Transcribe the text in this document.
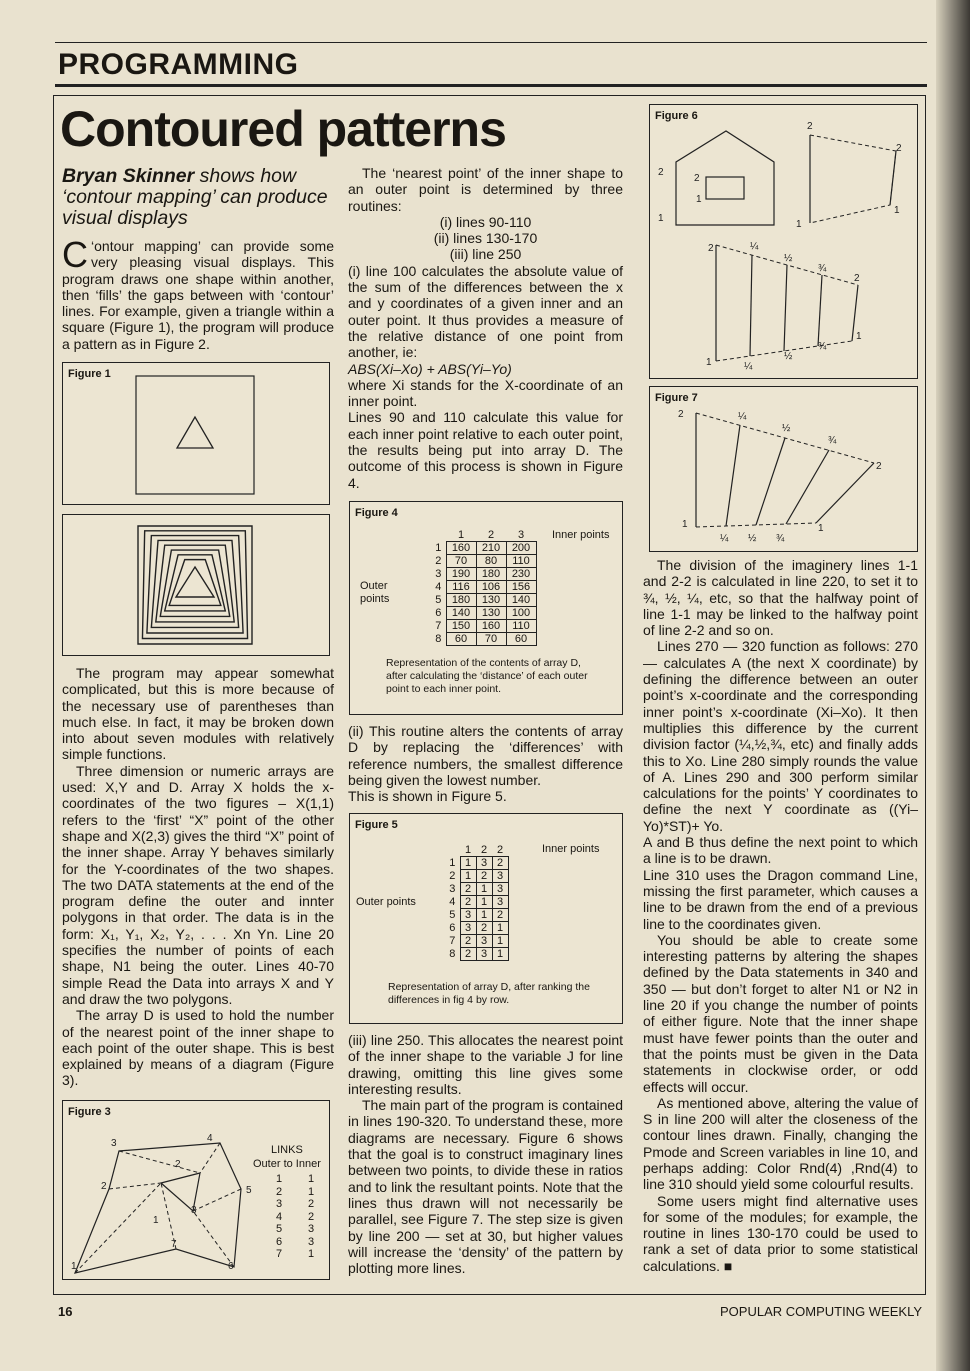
PROGRAMMING
Contoured patterns
Bryan Skinner shows how ‘contour mapping’ can produce visual displays

‘
C ontour mapping’ can provide some very pleasing visual displays. This program draws one shape within another, then ‘fills’ the gaps between with ‘contour’ lines. For example, given a triangle within a square (Figure 1), the program will produce a pattern as in Figure 2.

Figure 1

The program may appear somewhat complicated, but this is more because of the necessary use of parentheses than much else. In fact, it may be broken down into about seven modules with relatively simple functions.

Three dimension or numeric arrays are used: X,Y and D. Array X holds the x-coordinates of the two figures – X(1,1) refers to the ‘first’ “X” point of the other shape and X(2,3) gives the third “X” point of the inner shape. Array Y behaves similarly for the Y-coordinates of the two shapes. The two DATA statements at the end of the program define the outer and innter polygons in that order. The data is in the form: X₁, Y₁, X₂, Y₂, . . . Xn Yn. Line 20 specifies the number of points of each shape, N1 being the outer. Lines 40-70 simple Read the Data into arrays X and Y and draw the two polygons.

The array D is used to hold the number of the nearest point of the inner shape to each point of the outer shape. This is best explained by means of a diagram (Figure 3).

Figure 3
1
2
3	4
5
6
7
1
2
3
LINKS
Outer to Inner
1	1
2	1
3	2
4	2
5	3
6	3
7	1

The ‘nearest point’ of the inner shape to an outer point is determined by three routines:

(i) lines 90-110

(ii) lines 130-170

(iii) line 250

(i) line 100 calculates the absolute value of the sum of the differences between the x and y coordinates of a given inner and an outer point. It thus provides a measure of the relative distance of one point from another, ie:

ABS(Xi–Xo) + ABS(Yi–Yo)

where Xi stands for the X-coordinate of an inner point.

Lines 90 and 110 calculate this value for each inner point relative to each outer point, the results being put into array D. The outcome of this process is shown in Figure 4.

Figure 4
Inner points
Outer points
	1	2	3
1	160	210	200
2	70	80	110
3	190	180	230
4	116	106	156
5	180	130	140
6	140	130	100
7	150	160	110
8	60	70	60
Representation of the contents of array D, after calculating the ‘distance’ of each outer point to each inner point.

(ii) This routine alters the contents of array D by replacing the ‘differences’ with reference numbers, the smallest difference being given the lowest number.

This is shown in Figure 5.

Figure 5
Inner points
Outer points
	1	2	2
1	1	3	2
2	1	2	3
3	2	1	3
4	2	1	3
5	3	1	2
6	3	2	1
7	2	3	1
8	2	3	1
Representation of array D, after ranking the differences in fig 4 by row.

(iii) line 250. This allocates the nearest point of the inner shape to the variable J for line drawing, omitting this line gives some interesting results.

The main part of the program is contained in lines 190-320. To understand these, more diagrams are necessary. Figure 6 shows that the goal is to construct imaginary lines between two points, to divide these in ratios and to link the resultant points. Note that the lines thus drawn will not necessarily be parallel, see Figure 7. The step size is given by line 200 — set at 30, but higher values will increase the ‘density’ of the pattern by plotting more lines.

Figure 6
2
1
2
1
2
2
1
1
2
1
2
1
¼
½
¾
¼
½
¾
Figure 7
2
1
2
1
¼
½
¾
¼ ½ ¾

The division of the imaginery lines 1-1 and 2-2 is calculated in line 220, to set it to ¾, ½, ¼, etc, so that the halfway point of line 1-1 may be linked to the halfway point of line 2-2 and so on.

Lines 270 — 320 function as follows: 270 — calculates A (the next X coordinate) by defining the difference between an outer point’s x-coordinate and the corresponding inner point’s x-coordinate (Xi–Xo). It then multiplies this difference by the current division factor (¼,½,¾, etc) and finally adds this to Xo. Line 280 simply rounds the value of A. Lines 290 and 300 perform similar calculations for the points’ Y coordinates to define the next Y coordinate as ((Yi–Yo)*ST)+ Yo.

A and B thus define the next point to which a line is to be drawn.

Line 310 uses the Dragon command Line, missing the first parameter, which causes a line to be drawn from the end of a previous line to the coordinates given.

You should be able to create some interesting patterns by altering the shapes defined by the Data statements in 340 and 350 — but don’t forget to alter N1 or N2 in line 20 if you change the number of points of either figure. Note that the inner shape must have fewer points than the outer and that the points must be given in the Data statements in clockwise order, or odd effects will occur.

As mentioned above, altering the value of S in line 200 will alter the closeness of the contour lines drawn. Finally, changing the Pmode and Screen variables in line 10, and perhaps adding: Color Rnd(4) ,Rnd(4) to line 310 should yield some colourful results.

Some users might find alternative uses for some of the modules; for example, the routine in lines 130-170 could be used to rank a set of data prior to some statistical calculations. ■

16	POPULAR COMPUTING WEEKLY
